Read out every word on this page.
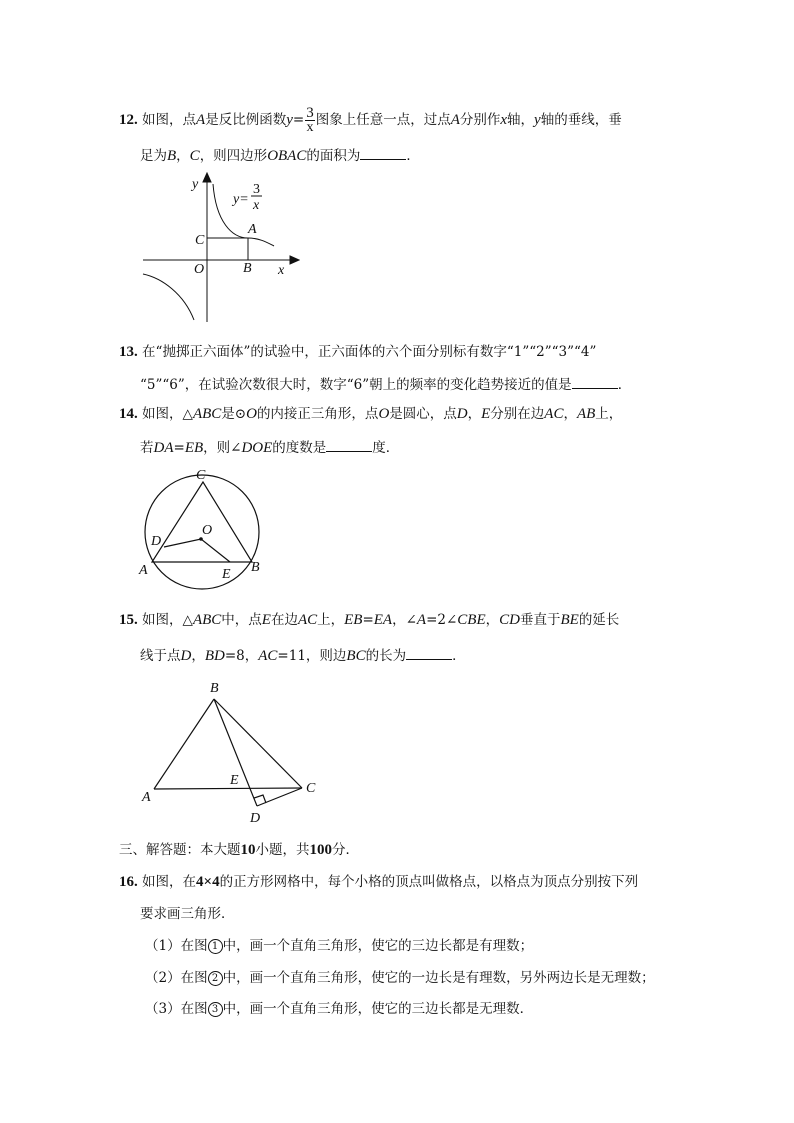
12. 如图，点A是反比例函数$y= \frac{3}{x}$ 图象上任意一点，过点A分别作x轴，y轴的垂线，垂
足为B，C，则四边形OBAC的面积为	．
y
x
O
A
B
C
y=
3
x
13. 在“抛掷正六面体”的试验中，正六面体的六个面分别标有数字“1”“2”“3”“4”
“5”“6”，在试验次数很大时，数字“6”朝上的频率的变化趋势接近的值是	．
14. 如图，△ABC是⊙O的内接正三角形，点O是圆心，点D，E分别在边AC，AB上，
若DA=EB，则∠DOE的度数是	度．
C
O
D
A	E B
15. 如图，△ABC中，点E在边AC上，EB=EA，∠A=2∠CBE，CD垂直于BE的延长
线于点D，BD=8，AC=11，则边BC的长为	．
B
A
E
C
D
三、解答题：本大题10小题，共100分．
16. 如图，在4×4的正方形网格中，每个小格的顶点叫做格点，以格点为顶点分别按下列
要求画三角形．
（1）在图 1 中，画一个直角三角形，使它的三边长都是有理数；
（2）在图 2 中，画一个直角三角形，使它的一边长是有理数，另外两边长是无理数；
（3）在图 3 中，画一个直角三角形，使它的三边长都是无理数．
